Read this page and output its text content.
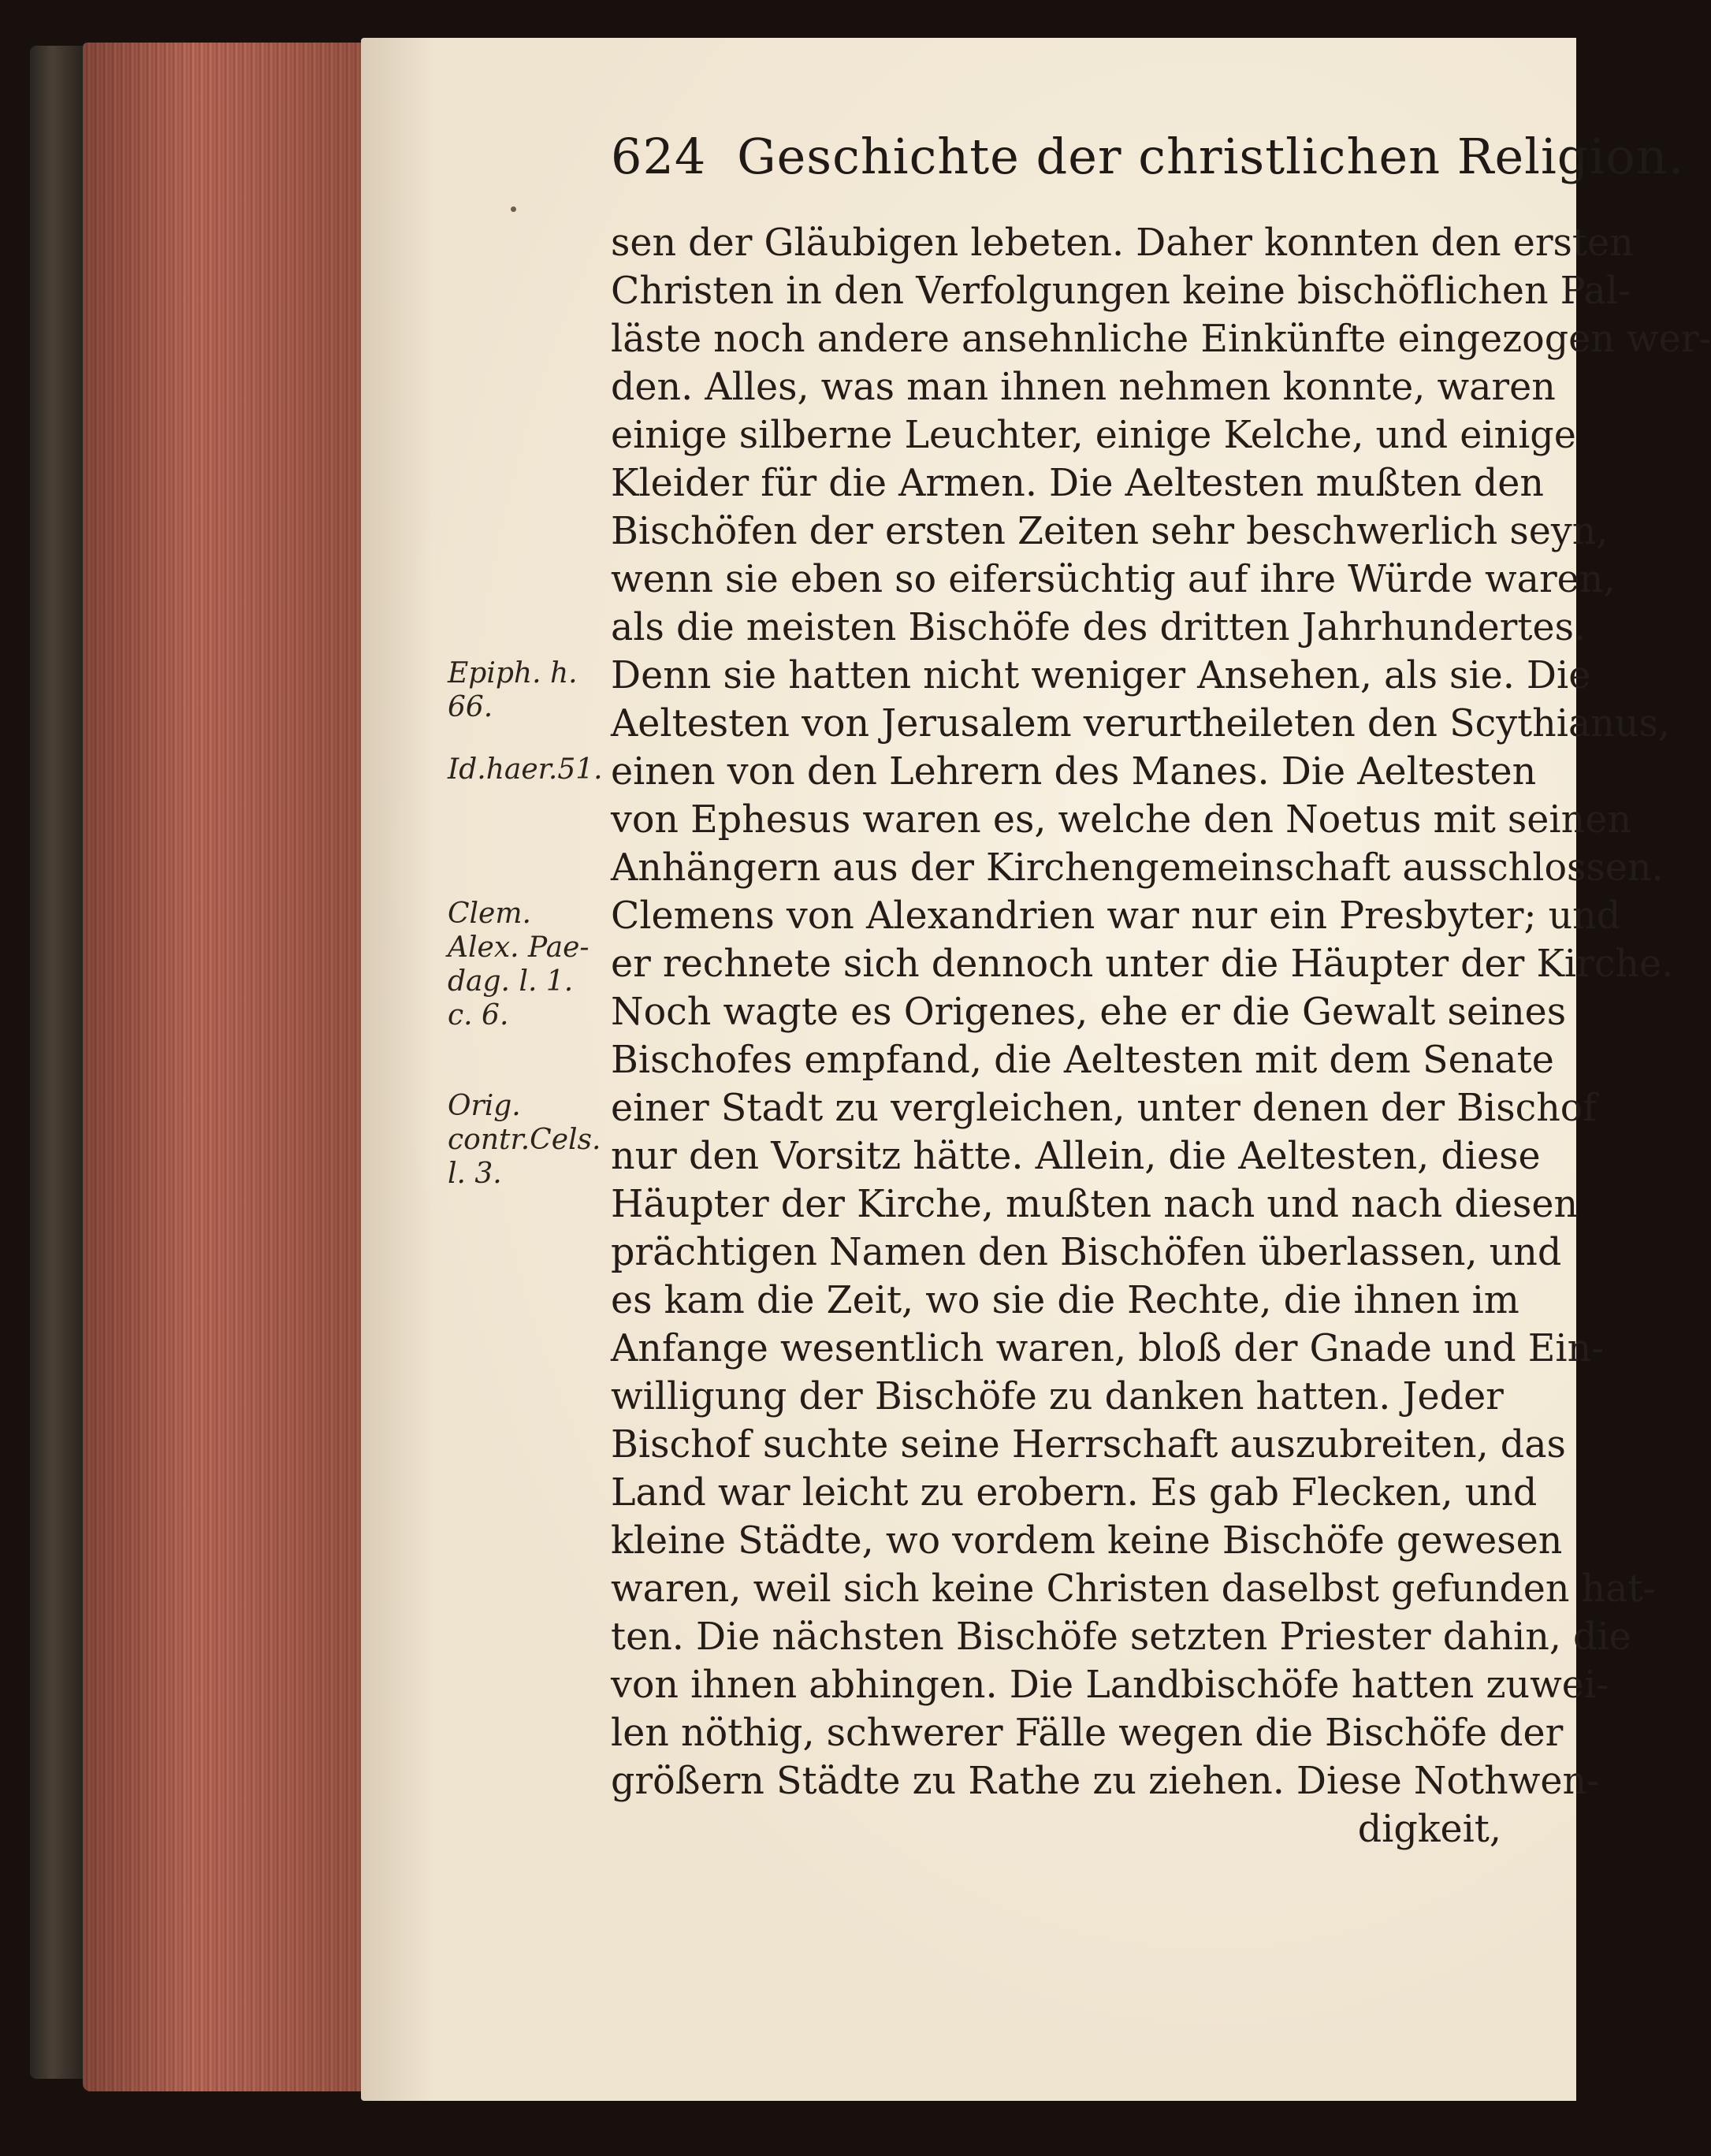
624 Geschichte der christlichen Religion.
sen der Gläubigen lebeten. Daher konnten den ersten
Christen in den Verfolgungen keine bischöflichen Pal-
läste noch andere ansehnliche Einkünfte eingezogen wer-
den. Alles, was man ihnen nehmen konnte, waren
einige silberne Leuchter, einige Kelche, und einige
Kleider für die Armen. Die Aeltesten mußten den
Bischöfen der ersten Zeiten sehr beschwerlich seyn,
wenn sie eben so eifersüchtig auf ihre Würde waren,
als die meisten Bischöfe des dritten Jahrhundertes.
Denn sie hatten nicht weniger Ansehen, als sie. Die
Aeltesten von Jerusalem verurtheileten den Scythianus,
einen von den Lehrern des Manes. Die Aeltesten
von Ephesus waren es, welche den Noetus mit seinen
Anhängern aus der Kirchengemeinschaft ausschlossen.
Clemens von Alexandrien war nur ein Presbyter; und
er rechnete sich dennoch unter die Häupter der Kirche.
Noch wagte es Origenes, ehe er die Gewalt seines
Bischofes empfand, die Aeltesten mit dem Senate
einer Stadt zu vergleichen, unter denen der Bischof
nur den Vorsitz hätte. Allein, die Aeltesten, diese
Häupter der Kirche, mußten nach und nach diesen
prächtigen Namen den Bischöfen überlassen, und
es kam die Zeit, wo sie die Rechte, die ihnen im
Anfange wesentlich waren, bloß der Gnade und Ein-
willigung der Bischöfe zu danken hatten. Jeder
Bischof suchte seine Herrschaft auszubreiten, das
Land war leicht zu erobern. Es gab Flecken, und
kleine Städte, wo vordem keine Bischöfe gewesen
waren, weil sich keine Christen daselbst gefunden hat-
ten. Die nächsten Bischöfe setzten Priester dahin, die
von ihnen abhingen. Die Landbischöfe hatten zuwei-
len nöthig, schwerer Fälle wegen die Bischöfe der
größern Städte zu Rathe zu ziehen. Diese Nothwen-
digkeit,
Epiph. h.
66.
Id.haer.51.
Clem.
Alex. Pae-
dag. l. 1.
c. 6.
Orig.
contr.Cels.
l. 3.
